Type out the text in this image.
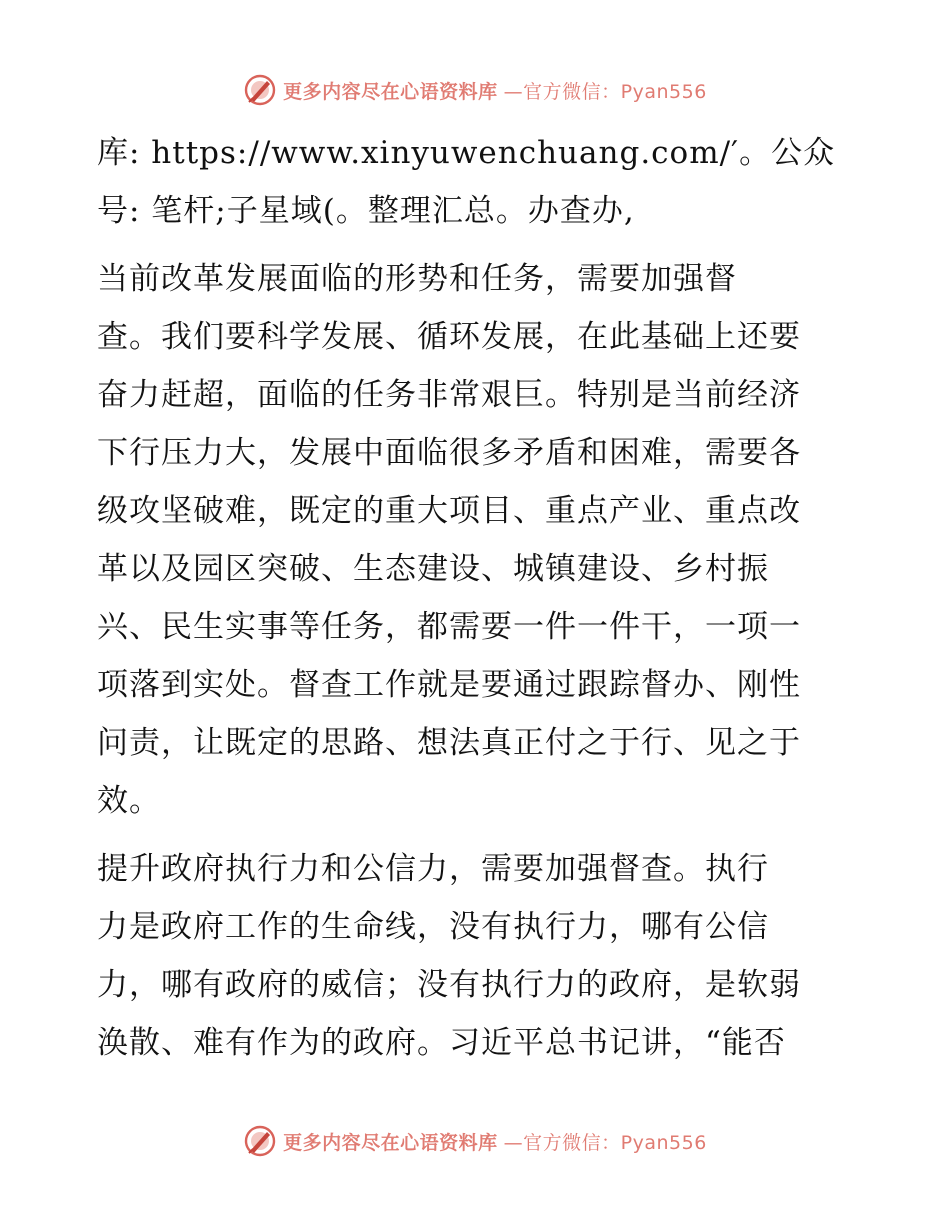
更多内容尽在心语资料库 —官方微信：Pyan556

库: https://www.xinyuwenchuang.com/′。公众
号: 笔杆;子星域(。整理汇总。办查办,

当前改革发展面临的形势和任务，需要加强督
查。我们要科学发展、循环发展，在此基础上还要
奋力赶超，面临的任务非常艰巨。特别是当前经济
下行压力大，发展中面临很多矛盾和困难，需要各
级攻坚破难，既定的重大项目、重点产业、重点改
革以及园区突破、生态建设、城镇建设、乡村振
兴、民生实事等任务，都需要一件一件干，一项一
项落到实处。督查工作就是要通过跟踪督办、刚性
问责，让既定的思路、想法真正付之于行、见之于
效。

提升政府执行力和公信力，需要加强督查。执行
力是政府工作的生命线，没有执行力，哪有公信
力，哪有政府的威信；没有执行力的政府，是软弱
涣散、难有作为的政府。习近平总书记讲，“能否

更多内容尽在心语资料库 —官方微信：Pyan556
